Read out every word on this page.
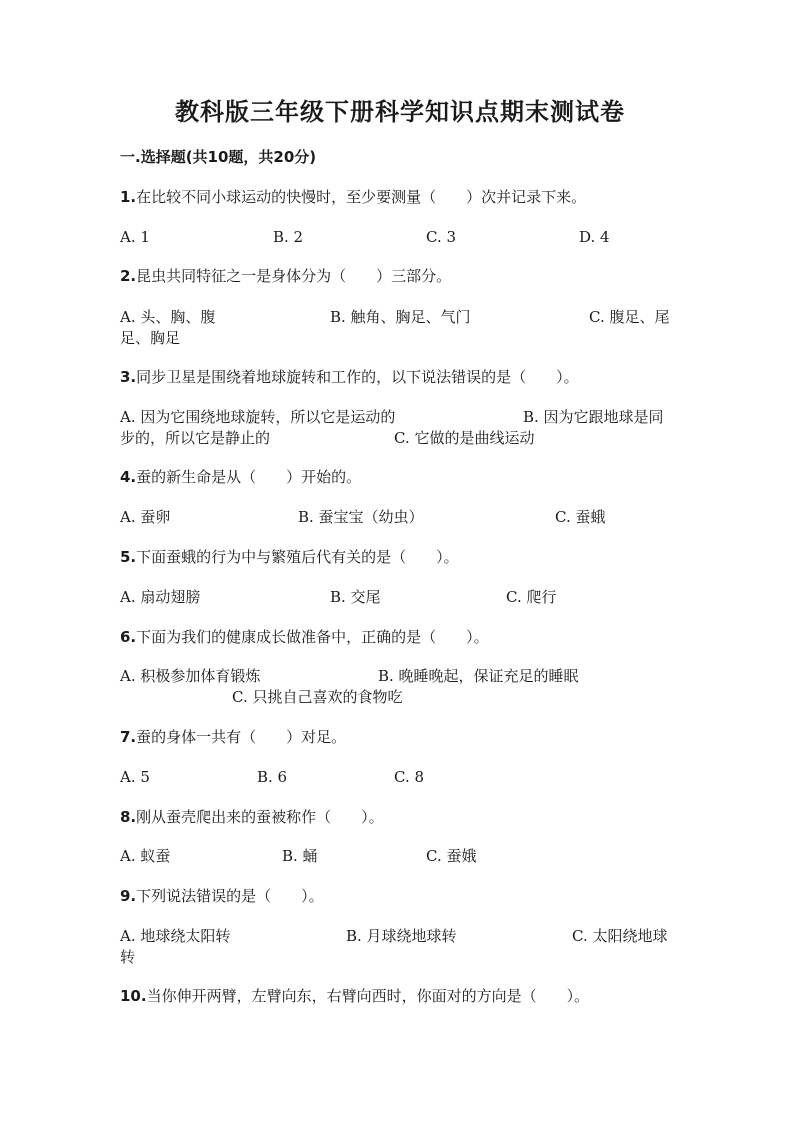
教科版三年级下册科学知识点期末测试卷
一.选择题(共10题，共20分)
1.在比较不同小球运动的快慢时，至少要测量（　　）次并记录下来。
A. 1	B. 2	C. 3	D. 4
2.昆虫共同特征之一是身体分为（　　）三部分。
A. 头、胸、腹	B. 触角、胸足、气门	C. 腹足、尾
足、胸足
3.同步卫星是围绕着地球旋转和工作的，以下说法错误的是（　　）。
A. 因为它围绕地球旋转，所以它是运动的	B. 因为它跟地球是同
步的，所以它是静止的	C. 它做的是曲线运动
4.蚕的新生命是从（　　）开始的。
A. 蚕卵	B. 蚕宝宝（幼虫）	C. 蚕蛾
5.下面蚕蛾的行为中与繁殖后代有关的是（　　）。
A. 扇动翅膀	B. 交尾	C. 爬行
6.下面为我们的健康成长做准备中，正确的是（　　）。
A. 积极参加体育锻炼	B. 晚睡晚起，保证充足的睡眠
C. 只挑自己喜欢的食物吃
7.蚕的身体一共有（　　）对足。
A. 5	B. 6	C. 8
8.刚从蚕壳爬出来的蚕被称作（　　）。
A. 蚁蚕	B. 蛹	C. 蚕娥
9.下列说法错误的是（　　）。
A. 地球绕太阳转	B. 月球绕地球转	C. 太阳绕地球
转
10.当你伸开两臂，左臂向东，右臂向西时，你面对的方向是（　　）。
